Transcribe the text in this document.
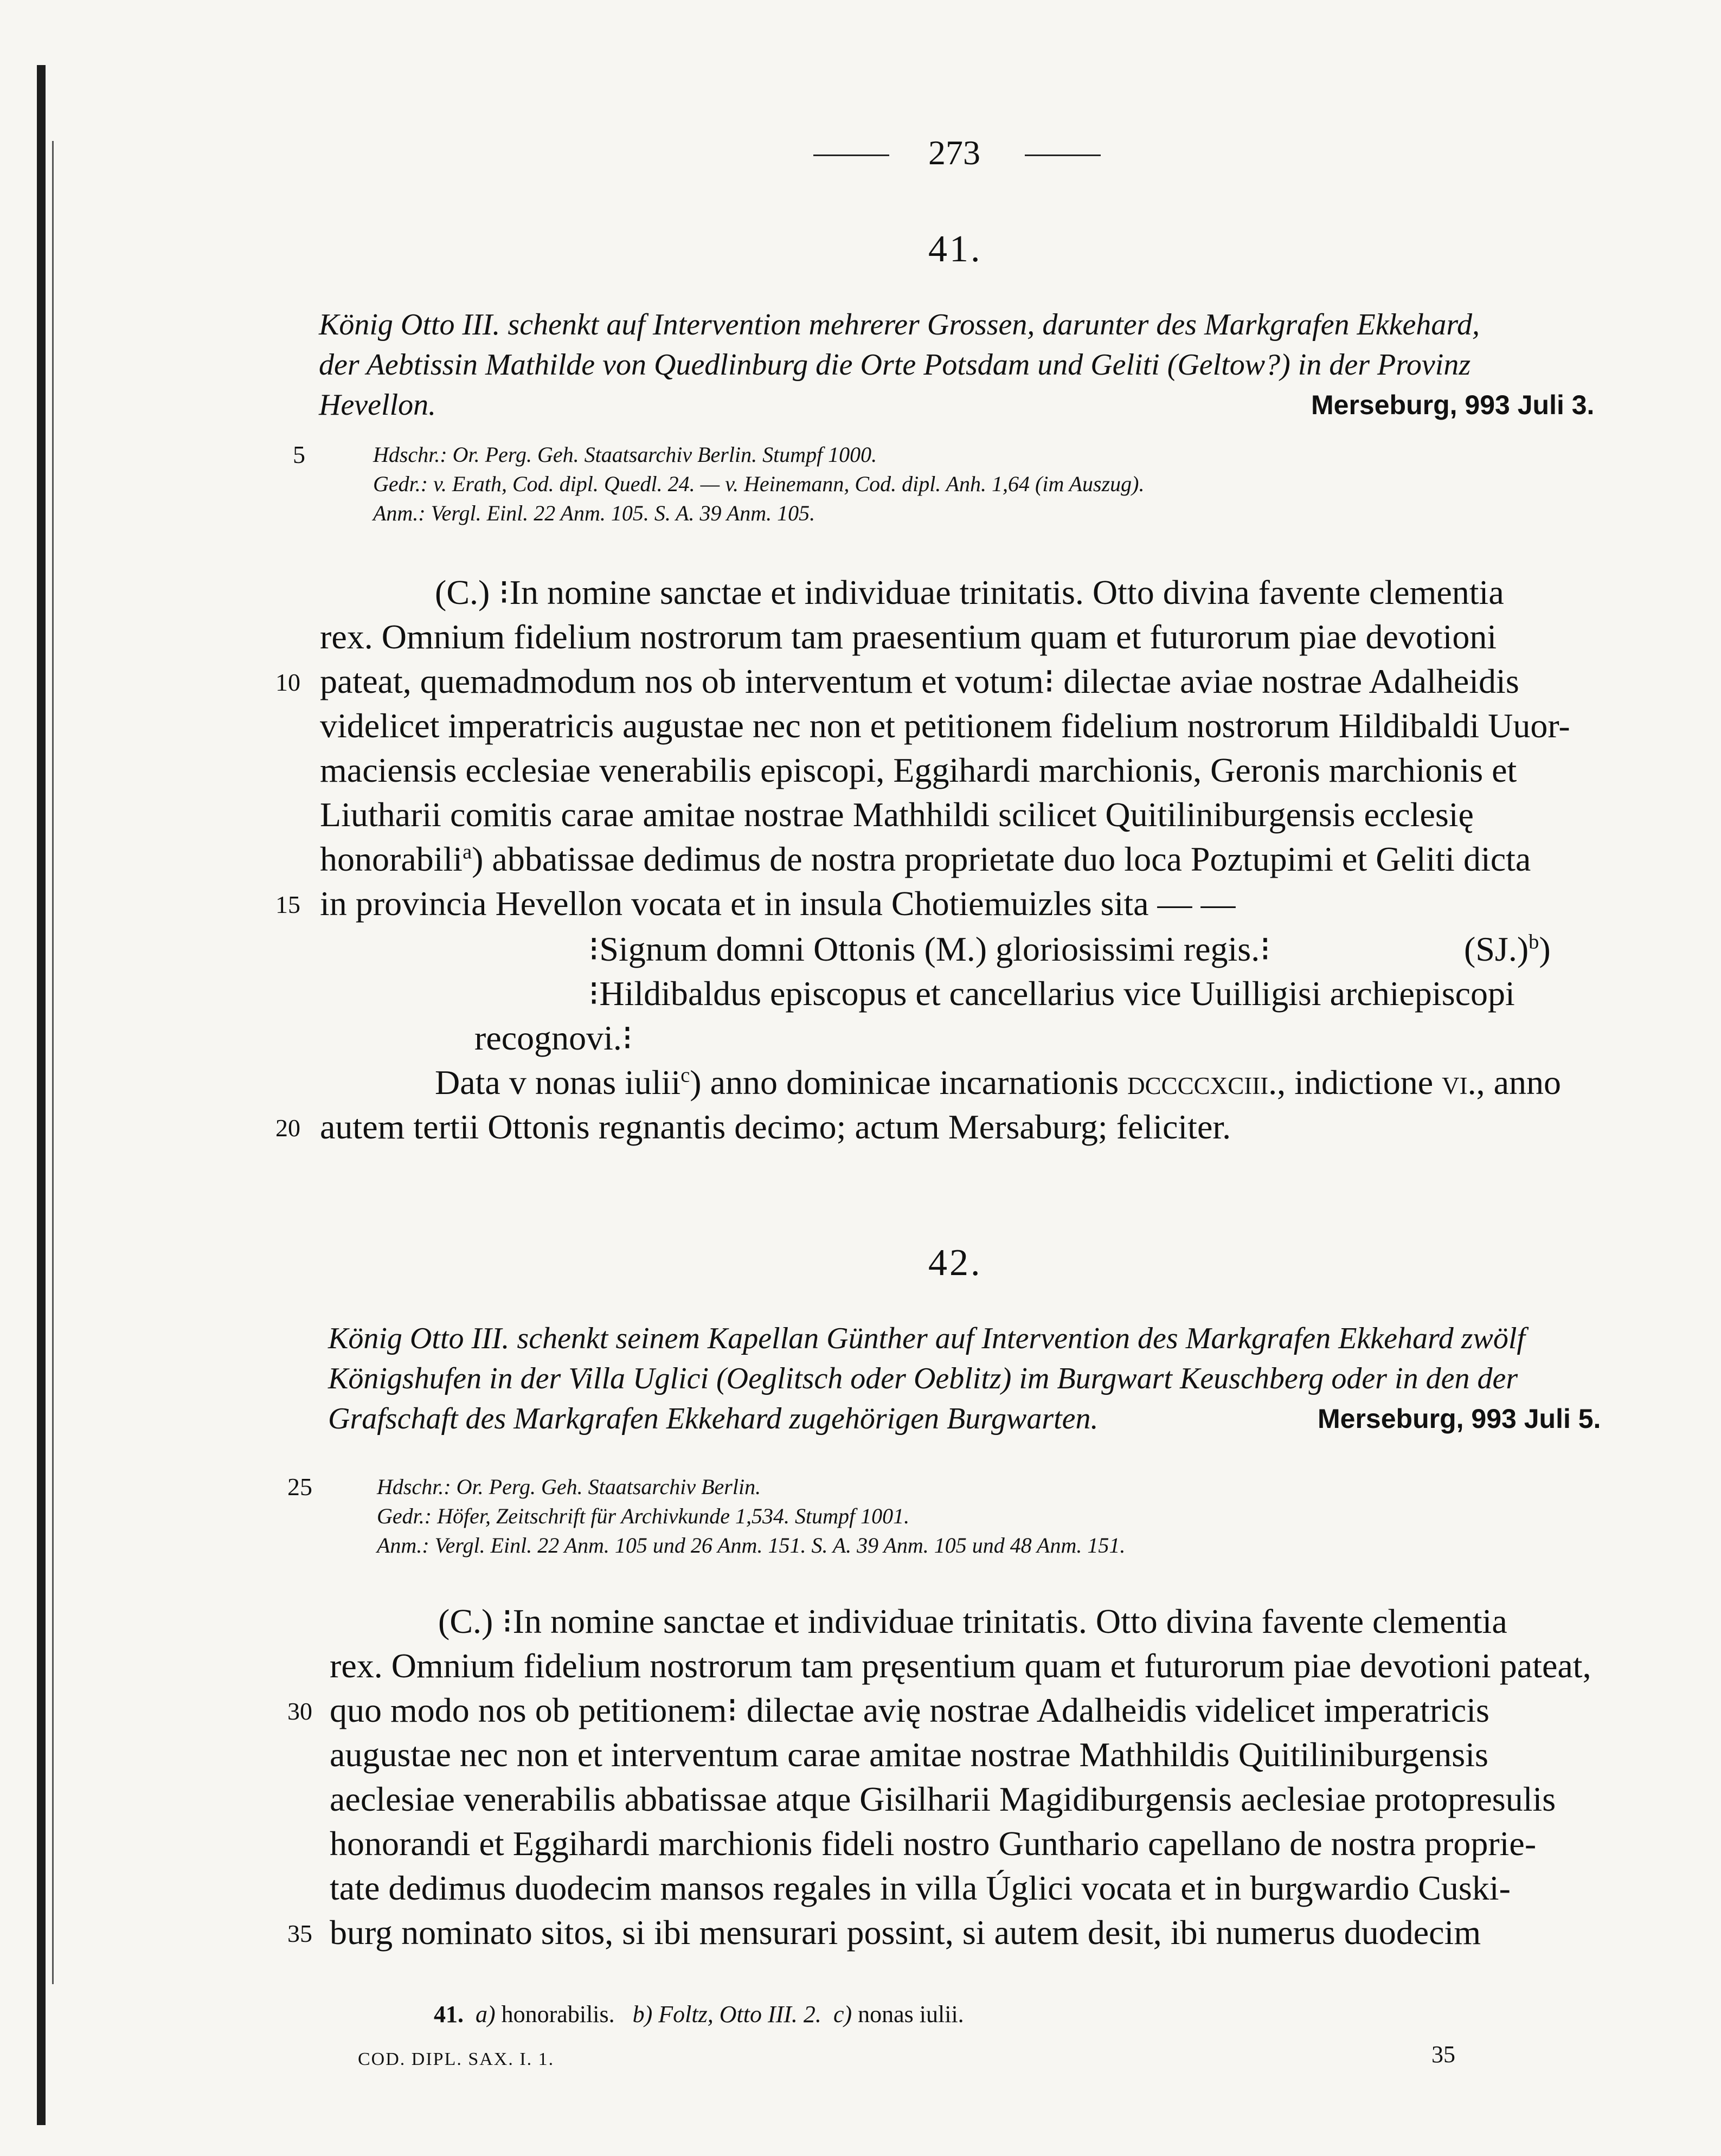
273
41.
König Otto III. schenkt auf Intervention mehrerer Grossen, darunter des Markgrafen Ekkehard,
der Aebtissin Mathilde von Quedlinburg die Orte Potsdam und Geliti (Geltow?) in der Provinz
Hevellon.	Merseburg, 993 Juli 3.
5	Hdschr.: Or. Perg. Geh. Staatsarchiv Berlin. Stumpf 1000.
Gedr.: v. Erath, Cod. dipl. Quedl. 24. — v. Heinemann, Cod. dipl. Anh. 1,64 (im Auszug).
Anm.: Vergl. Einl. 22 Anm. 105. S. A. 39 Anm. 105.
(C.) ⁝In nomine sanctae et individuae trinitatis. Otto divina favente clementia
rex. Omnium fidelium nostrorum tam praesentium quam et futurorum piae devotioni
10 pateat, quemadmodum nos ob interventum et votum⁝ dilectae aviae nostrae Adalheidis
videlicet imperatricis augustae nec non et petitionem fidelium nostrorum Hildibaldi Uuor-
maciensis ecclesiae venerabilis episcopi, Eggihardi marchionis, Geronis marchionis et
Liutharii comitis carae amitae nostrae Mathhildi scilicet Quitiliniburgensis ecclesię
honorabili$^a$) abbatissae dedimus de nostra proprietate duo loca Poztupimi et Geliti dicta
15 in provincia Hevellon vocata et in insula Chotiemuizles sita — —
⁝Signum domni Ottonis (M.) gloriosissimi regis.⁝	$(SJ.)^b$)
⁝Hildibaldus episcopus et cancellarius vice Uuilligisi archiepiscopi
recognovi.⁝
Data v nonas iulii$^c$) anno dominicae incarnationis dccccxciii., indictione vi., anno
20 autem tertii Ottonis regnantis decimo; actum Mersaburg; feliciter.
42.
König Otto III. schenkt seinem Kapellan Günther auf Intervention des Markgrafen Ekkehard zwölf
Königshufen in der Villa Uglici (Oeglitsch oder Oeblitz) im Burgwart Keuschberg oder in den der
Grafschaft des Markgrafen Ekkehard zugehörigen Burgwarten.	Merseburg, 993 Juli 5.
25	Hdschr.: Or. Perg. Geh. Staatsarchiv Berlin.
Gedr.: Höfer, Zeitschrift für Archivkunde 1,534. Stumpf 1001.
Anm.: Vergl. Einl. 22 Anm. 105 und 26 Anm. 151. S. A. 39 Anm. 105 und 48 Anm. 151.
(C.) ⁝In nomine sanctae et individuae trinitatis. Otto divina favente clementia
rex. Omnium fidelium nostrorum tam pręsentium quam et futurorum piae devotioni pateat,
30 quo modo nos ob petitionem⁝ dilectae avię nostrae Adalheidis videlicet imperatricis
augustae nec non et interventum carae amitae nostrae Mathhildis Quitiliniburgensis
aeclesiae venerabilis abbatissae atque Gisilharii Magidiburgensis aeclesiae protopresulis
honorandi et Eggihardi marchionis fideli nostro Gunthario capellano de nostra proprie-
tate dedimus duodecim mansos regales in villa Úglici vocata et in burgwardio Cuski-
35 burg nominato sitos, si ibi mensurari possint, si autem desit, ibi numerus duodecim
41. a) honorabilis. b) Foltz, Otto III. 2. c) nonas iulii.
COD. DIPL. SAX. I. 1.	35
